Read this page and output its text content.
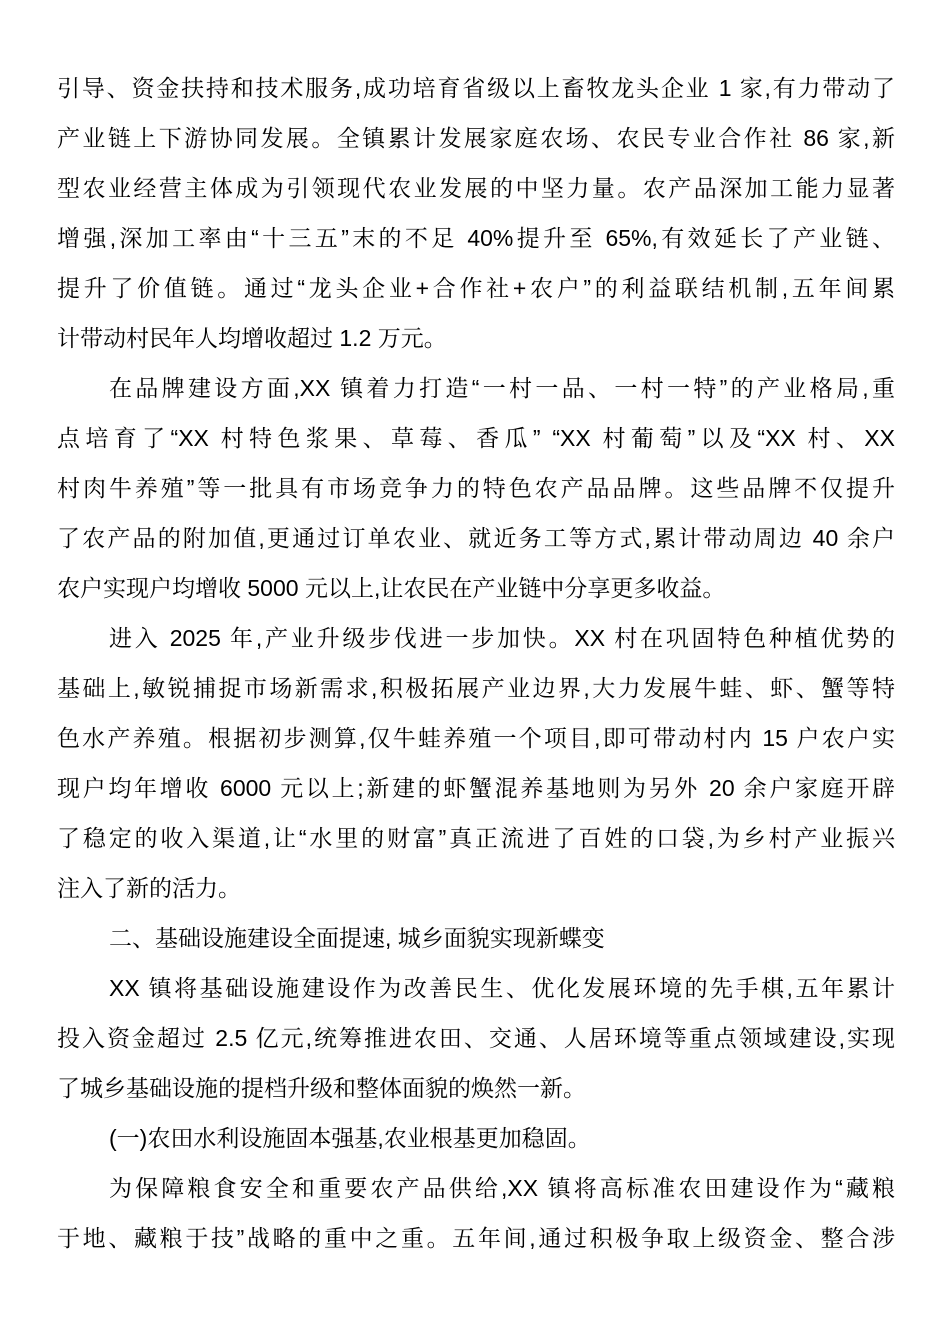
引导、资金扶持和技术服务,成功培育省级以上畜牧龙头企业 1 家,有力带动了
产业链上下游协同发展。全镇累计发展家庭农场、农民专业合作社 86 家,新
型农业经营主体成为引领现代农业发展的中坚力量。农产品深加工能力显著
增强,深加工率由“十三五”末的不足 40%提升至 65%,有效延长了产业链、
提升了价值链。通过“龙头企业+合作社+农户”的利益联结机制,五年间累
计带动村民年人均增收超过 1.2 万元。
在品牌建设方面,XX 镇着力打造“一村一品、一村一特”的产业格局,重
点培育了“XX 村特色浆果、草莓、香瓜” “XX 村葡萄”以及“XX 村、XX
村肉牛养殖”等一批具有市场竞争力的特色农产品品牌。这些品牌不仅提升
了农产品的附加值,更通过订单农业、就近务工等方式,累计带动周边 40 余户
农户实现户均增收 5000 元以上,让农民在产业链中分享更多收益。
进入 2025 年,产业升级步伐进一步加快。XX 村在巩固特色种植优势的
基础上,敏锐捕捉市场新需求,积极拓展产业边界,大力发展牛蛙、虾、蟹等特
色水产养殖。根据初步测算,仅牛蛙养殖一个项目,即可带动村内 15 户农户实
现户均年增收 6000 元以上;新建的虾蟹混养基地则为另外 20 余户家庭开辟
了稳定的收入渠道,让“水里的财富”真正流进了百姓的口袋,为乡村产业振兴
注入了新的活力。
二、基础设施建设全面提速, 城乡面貌实现新蝶变
XX 镇将基础设施建设作为改善民生、优化发展环境的先手棋,五年累计
投入资金超过 2.5 亿元,统筹推进农田、交通、人居环境等重点领域建设,实现
了城乡基础设施的提档升级和整体面貌的焕然一新。
(一)农田水利设施固本强基,农业根基更加稳固。
为保障粮食安全和重要农产品供给,XX 镇将高标准农田建设作为“藏粮
于地、藏粮于技”战略的重中之重。五年间,通过积极争取上级资金、整合涉
